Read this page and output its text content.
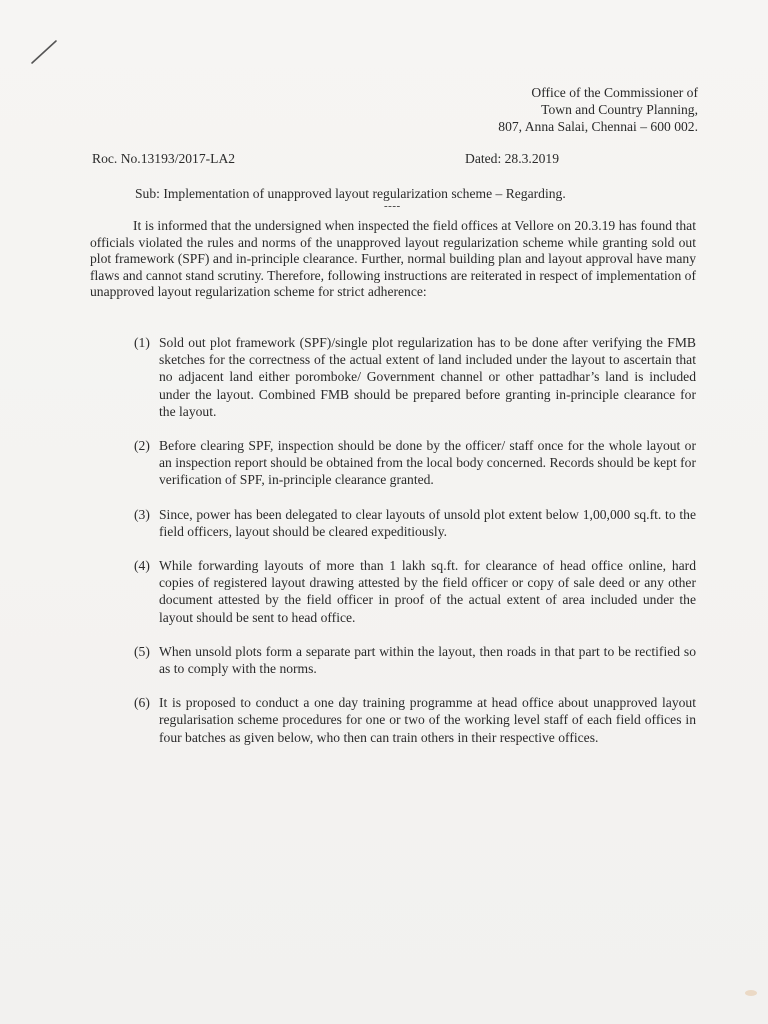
Office of the Commissioner of
Town and Country Planning,
807, Anna Salai, Chennai – 600 002.
Roc. No.13193/2017-LA2	Dated: 28.3.2019
Sub: Implementation of unapproved layout regularization scheme – Regarding.
----

It is informed that the undersigned when inspected the field offices at Vellore on 20.3.19 has found that officials violated the rules and norms of the unapproved layout regularization scheme while granting sold out plot framework (SPF) and in-principle clearance. Further, normal building plan and layout approval have many flaws and cannot stand scrutiny. Therefore, following instructions are reiterated in respect of implementation of unapproved layout regularization scheme for strict adherence:

(1) Sold out plot framework (SPF)/single plot regularization has to be done after verifying the FMB sketches for the correctness of the actual extent of land included under the layout to ascertain that no adjacent land either poromboke/ Government channel or other pattadhar’s land is included under the layout. Combined FMB should be prepared before granting in-principle clearance for the layout.
(2) Before clearing SPF, inspection should be done by the officer/ staff once for the whole layout or an inspection report should be obtained from the local body concerned. Records should be kept for verification of SPF, in-principle clearance granted.
(3) Since, power has been delegated to clear layouts of unsold plot extent below 1,00,000 sq.ft. to the field officers, layout should be cleared expeditiously.
(4) While forwarding layouts of more than 1 lakh sq.ft. for clearance of head office online, hard copies of registered layout drawing attested by the field officer or copy of sale deed or any other document attested by the field officer in proof of the actual extent of area included under the layout should be sent to head office.
(5) When unsold plots form a separate part within the layout, then roads in that part to be rectified so as to comply with the norms.
(6) It is proposed to conduct a one day training programme at head office about unapproved layout regularisation scheme procedures for one or two of the working level staff of each field offices in four batches as given below, who then can train others in their respective offices.
